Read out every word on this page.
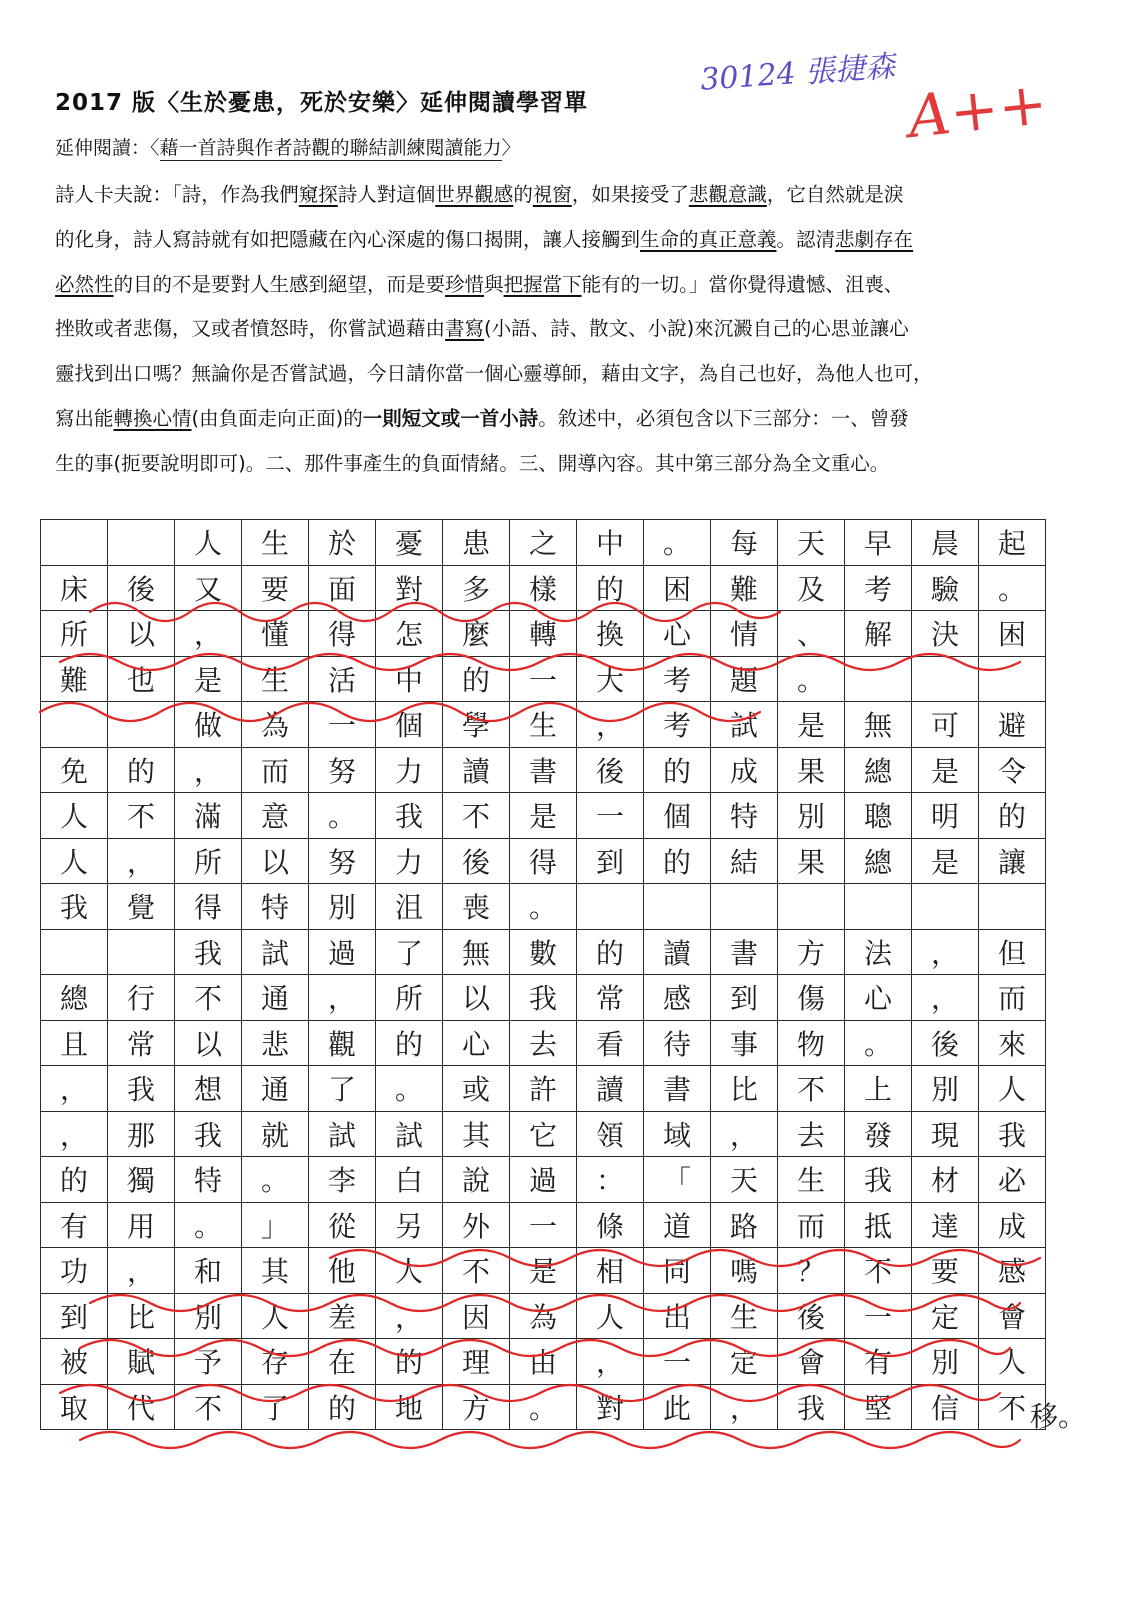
2017 版〈生於憂患，死於安樂〉延伸閱讀學習單
30124 張捷森 A++
延伸閱讀：〈藉一首詩與作者詩觀的聯結訓練閱讀能力〉
詩人卡夫說：「詩，作為我們窺探詩人對這個世界觀感的視窗，如果接受了悲觀意識，它自然就是淚
的化身，詩人寫詩就有如把隱藏在內心深處的傷口揭開，讓人接觸到生命的真正意義。認清悲劇存在
必然性的目的不是要對人生感到絕望，而是要珍惜與把握當下能有的一切。」當你覺得遺憾、沮喪、
挫敗或者悲傷，又或者憤怒時，你嘗試過藉由書寫(小語、詩、散文、小說)來沉澱自己的心思並讓心
靈找到出口嗎？無論你是否嘗試過，今日請你當一個心靈導師，藉由文字，為自己也好，為他人也可，
寫出能轉換心情(由負面走向正面)的一則短文或一首小詩。敘述中，必須包含以下三部分：一、曾發
生的事(扼要說明即可)。二、那件事產生的負面情緒。三、開導內容。其中第三部分為全文重心。
		人	生	於	憂	患	之	中	。	每	天	早	晨	起
床	後	又	要	面	對	多	樣	的	困	難	及	考	驗	。
所	以	，	懂	得	怎	麼	轉	換	心	情	、	解	決	困
難	也	是	生	活	中	的	一	大	考	題	。			
		做	為	一	個	學	生	，	考	試	是	無	可	避
免	的	，	而	努	力	讀	書	後	的	成	果	總	是	令
人	不	滿	意	。	我	不	是	一	個	特	別	聰	明	的
人	，	所	以	努	力	後	得	到	的	結	果	總	是	讓
我	覺	得	特	別	沮	喪	。							
		我	試	過	了	無	數	的	讀	書	方	法	，	但
總	行	不	通	，	所	以	我	常	感	到	傷	心	，	而
且	常	以	悲	觀	的	心	去	看	待	事	物	。	後	來
，	我	想	通	了	。	或	許	讀	書	比	不	上	別	人
，	那	我	就	試	試	其	它	領	域	，	去	發	現	我
的	獨	特	。	李	白	說	過	：	「	天	生	我	材	必
有	用	。	」	從	另	外	一	條	道	路	而	抵	達	成
功	，	和	其	他	人	不	是	相	同	嗎	？	不	要	感
到	比	別	人	差	，	因	為	人	出	生	後	一	定	會
被	賦	予	存	在	的	理	由	，	一	定	會	有	別	人
取	代	不	了	的	地	方	。	對	此	，	我	堅	信	不 移。
